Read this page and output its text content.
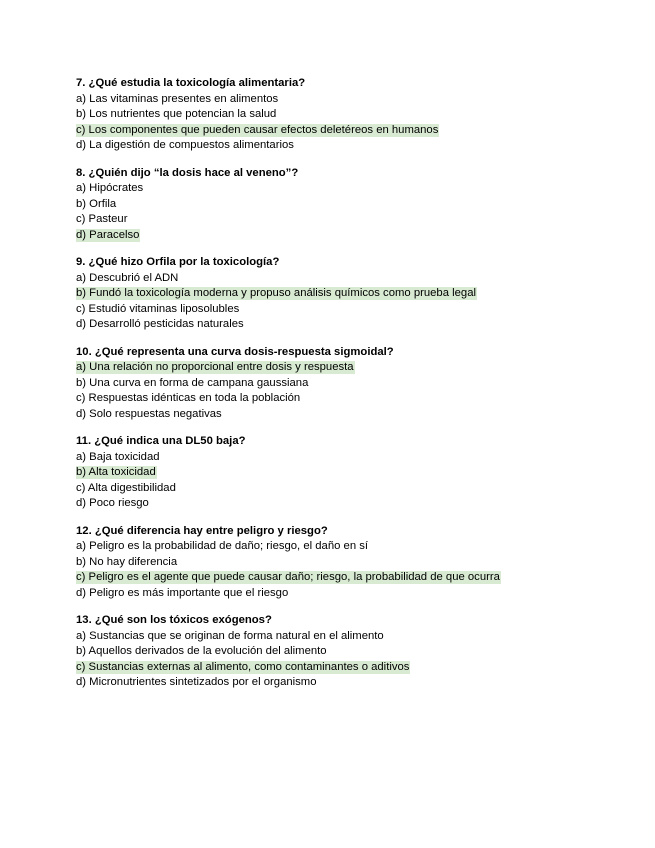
7. ¿Qué estudia la toxicología alimentaria?
a) Las vitaminas presentes en alimentos
b) Los nutrientes que potencian la salud
c) Los componentes que pueden causar efectos deletéreos en humanos
d) La digestión de compuestos alimentarios
8. ¿Quién dijo “la dosis hace al veneno”?
a) Hipócrates
b) Orfila
c) Pasteur
d) Paracelso
9. ¿Qué hizo Orfila por la toxicología?
a) Descubrió el ADN
b) Fundó la toxicología moderna y propuso análisis químicos como prueba legal
c) Estudió vitaminas liposolubles
d) Desarrolló pesticidas naturales
10. ¿Qué representa una curva dosis-respuesta sigmoidal?
a) Una relación no proporcional entre dosis y respuesta
b) Una curva en forma de campana gaussiana
c) Respuestas idénticas en toda la población
d) Solo respuestas negativas
11. ¿Qué indica una DL50 baja?
a) Baja toxicidad
b) Alta toxicidad
c) Alta digestibilidad
d) Poco riesgo
12. ¿Qué diferencia hay entre peligro y riesgo?
a) Peligro es la probabilidad de daño; riesgo, el daño en sí
b) No hay diferencia
c) Peligro es el agente que puede causar daño; riesgo, la probabilidad de que ocurra
d) Peligro es más importante que el riesgo
13. ¿Qué son los tóxicos exógenos?
a) Sustancias que se originan de forma natural en el alimento
b) Aquellos derivados de la evolución del alimento
c) Sustancias externas al alimento, como contaminantes o aditivos
d) Micronutrientes sintetizados por el organismo
